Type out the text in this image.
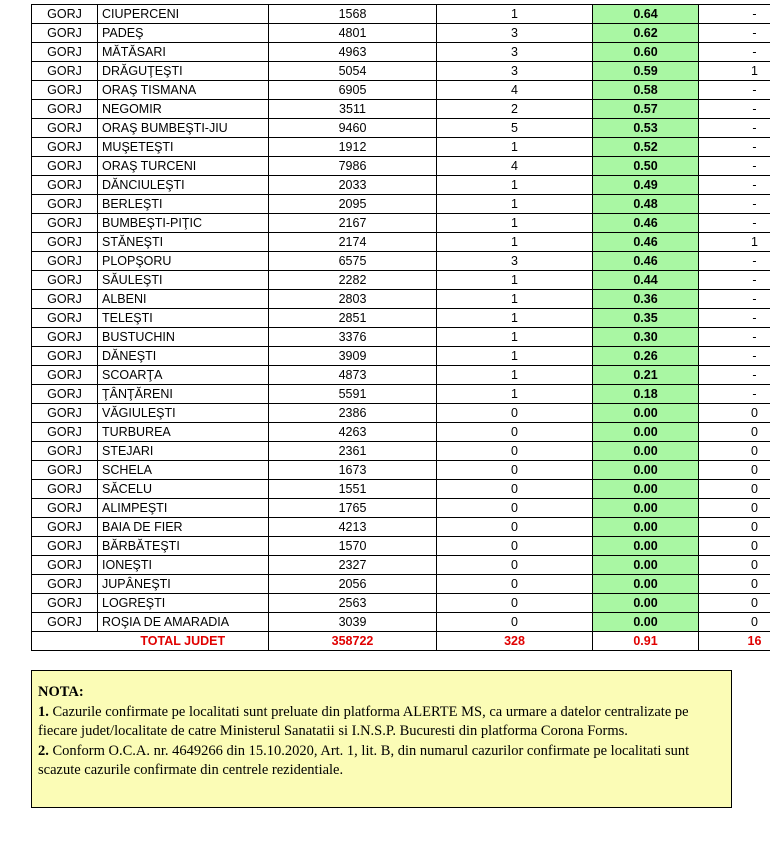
GORJ	CIUPERCENI	1568	1	0.64	-
GORJ	PADEŞ	4801	3	0.62	-
GORJ	MĂTĂSARI	4963	3	0.60	-
GORJ	DRĂGUŢEŞTI	5054	3	0.59	1
GORJ	ORAŞ TISMANA	6905	4	0.58	-
GORJ	NEGOMIR	3511	2	0.57	-
GORJ	ORAŞ BUMBEŞTI-JIU	9460	5	0.53	-
GORJ	MUŞETEŞTI	1912	1	0.52	-
GORJ	ORAŞ TURCENI	7986	4	0.50	-
GORJ	DĂNCIULEŞTI	2033	1	0.49	-
GORJ	BERLEŞTI	2095	1	0.48	-
GORJ	BUMBEŞTI-PIŢIC	2167	1	0.46	-
GORJ	STĂNEŞTI	2174	1	0.46	1
GORJ	PLOPŞORU	6575	3	0.46	-
GORJ	SĂULEŞTI	2282	1	0.44	-
GORJ	ALBENI	2803	1	0.36	-
GORJ	TELEŞTI	2851	1	0.35	-
GORJ	BUSTUCHIN	3376	1	0.30	-
GORJ	DĂNEŞTI	3909	1	0.26	-
GORJ	SCOARŢA	4873	1	0.21	-
GORJ	ŢÂNŢĂRENI	5591	1	0.18	-
GORJ	VĂGIULEŞTI	2386	0	0.00	0
GORJ	TURBUREA	4263	0	0.00	0
GORJ	STEJARI	2361	0	0.00	0
GORJ	SCHELA	1673	0	0.00	0
GORJ	SĂCELU	1551	0	0.00	0
GORJ	ALIMPEŞTI	1765	0	0.00	0
GORJ	BAIA DE FIER	4213	0	0.00	0
GORJ	BĂRBĂTEŞTI	1570	0	0.00	0
GORJ	IONEŞTI	2327	0	0.00	0
GORJ	JUPÂNEŞTI	2056	0	0.00	0
GORJ	LOGREŞTI	2563	0	0.00	0
GORJ	ROŞIA DE AMARADIA	3039	0	0.00	0
	TOTAL JUDET	358722	328	0.91	16
NOTA:
1. Cazurile confirmate pe localitati sunt preluate din platforma ALERTE MS, ca urmare a datelor centralizate pe fiecare judet/localitate de catre Ministerul Sanatatii si I.N.S.P. Bucuresti din platforma Corona Forms.
2. Conform O.C.A. nr. 4649266 din 15.10.2020, Art. 1, lit. B, din numarul cazurilor confirmate pe localitati sunt scazute cazurile confirmate din centrele rezidentiale.
